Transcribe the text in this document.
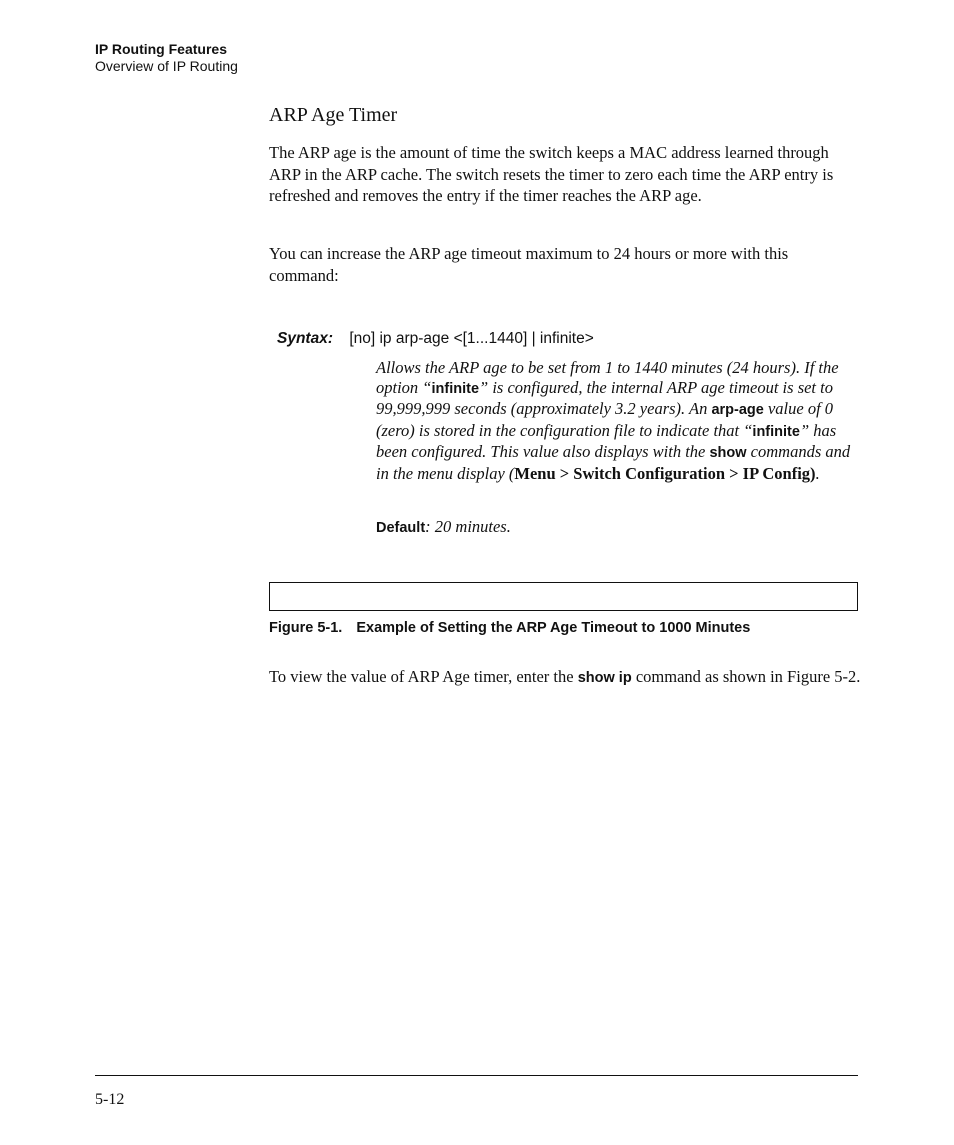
IP Routing Features
Overview of IP Routing
ARP Age Timer

The ARP age is the amount of time the switch keeps a MAC address learned through ARP in the ARP cache. The switch resets the timer to zero each time the ARP entry is refreshed and removes the entry if the timer reaches the ARP age.

You can increase the ARP age timeout maximum to 24 hours or more with this command:

Syntax: [no] ip arp-age <[1...1440] | infinite>

Allows the ARP age to be set from 1 to 1440 minutes (24 hours). If the option “infinite” is configured, the internal ARP age timeout is set to 99,999,999 seconds (approximately 3.2 years). An arp-age value of 0 (zero) is stored in the configuration file to indicate that “infinite” has been configured. This value also displays with the show commands and in the menu display (Menu > Switch Configuration > IP Config).

Default: 20 minutes.
Figure 5-1. Example of Setting the ARP Age Timeout to 1000 Minutes

To view the value of ARP Age timer, enter the show ip command as shown in Figure 5-2.

5-12
